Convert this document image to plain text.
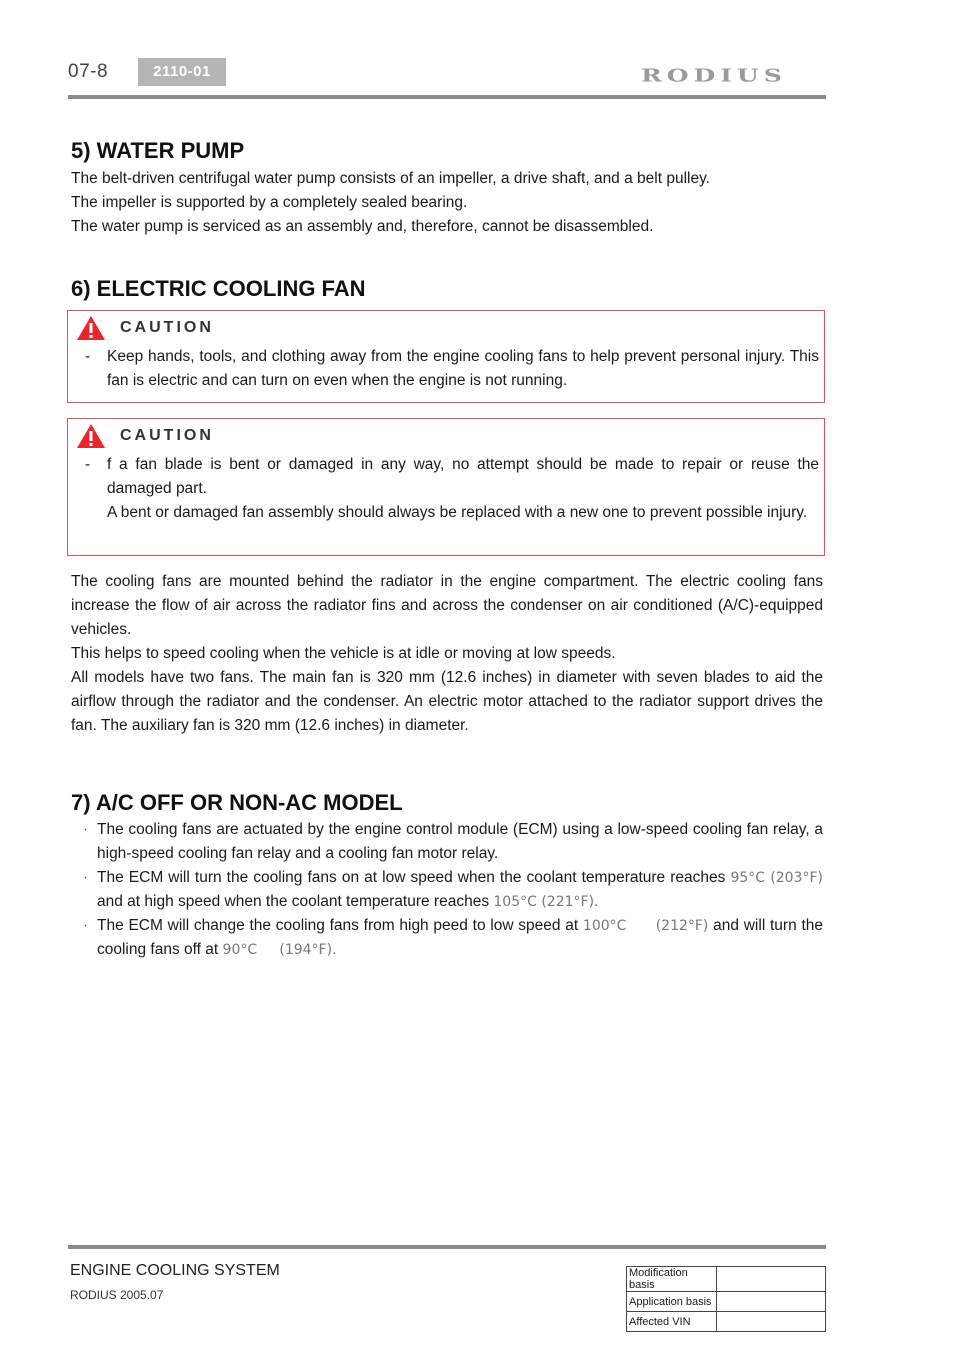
07-8	2110-01	RODIUS
5) WATER PUMP

The belt-driven centrifugal water pump consists of an impeller, a drive shaft, and a belt pulley.

The impeller is supported by a completely sealed bearing.

The water pump is serviced as an assembly and, therefore, cannot be disassembled.

6) ELECTRIC COOLING FAN
CAUTION
-	Keep hands, tools, and clothing away from the engine cooling fans to help prevent personal injury. This fan is electric and can turn on even when the engine is not running.

CAUTION
-	f a fan blade is bent or damaged in any way, no attempt should be made to repair or reuse the damaged part.

A bent or damaged fan assembly should always be replaced with a new one to prevent possible injury.

The cooling fans are mounted behind the radiator in the engine compartment. The electric cooling fans increase the flow of air across the radiator fins and across the condenser on air conditioned (A/C)-equipped vehicles.

This helps to speed cooling when the vehicle is at idle or moving at low speeds.

All models have two fans. The main fan is 320 mm (12.6 inches) in diameter with seven blades to aid the airflow through the radiator and the condenser. An electric motor attached to the radiator support drives the fan. The auxiliary fan is 320 mm (12.6 inches) in diameter.

7) A/C OFF OR NON-AC MODEL
· The cooling fans are actuated by the engine control module (ECM) using a low-speed cooling fan relay, a high-speed cooling fan relay and a cooling fan motor relay.
· The ECM will turn the cooling fans on at low speed when the coolant temperature reaches 95°C (203°F) and at high speed when the coolant temperature reaches 105°C (221°F).
· The ECM will change the cooling fans from high peed to low speed at 100°C      (212°F) and will turn the cooling fans off at 90°C     (194°F).
ENGINE COOLING SYSTEM
RODIUS 2005.07
Modification basis	
Application basis	
Affected VIN	
